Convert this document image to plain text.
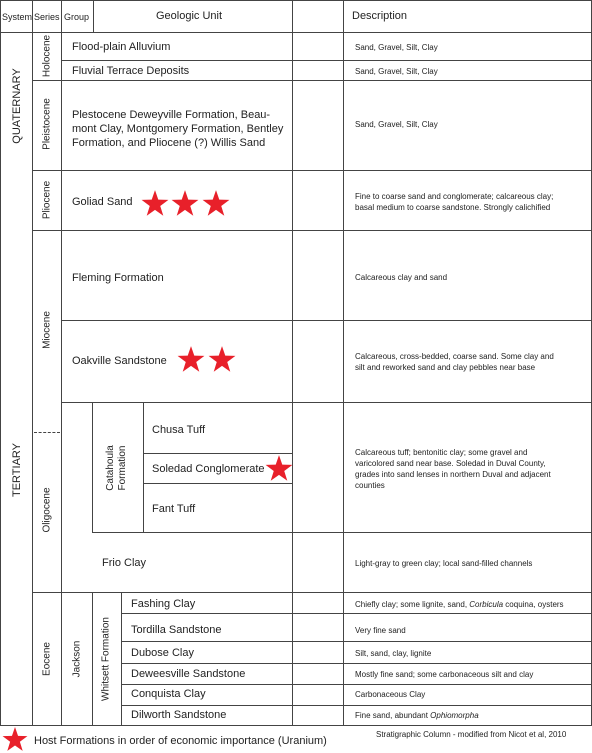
System Series Group	Geologic Unit	Description
QUATERNARY
TERTIARY
Holocene
Pleistocene
Pliocene
Miocene
Oligocene
Eocene Jackson
Catahoula Formation
Whitsett Formation
Flood-plain Alluvium
Fluvial Terrace Deposits
Plestocene Deweyville Formation, Beau-
mont Clay, Montgomery Formation, Bentley
Formation, and Pliocene (?) Willis Sand
Goliad Sand
Fleming Formation
Oakville Sandstone
Chusa Tuff
Soledad Conglomerate
Fant Tuff
Frio Clay
Fashing Clay
Tordilla Sandstone
Dubose Clay
Deweesville Sandstone
Conquista Clay
Dilworth Sandstone
Sand, Gravel, Silt, Clay
Sand, Gravel, Silt, Clay
Sand, Gravel, Silt, Clay
Fine to coarse sand and conglomerate; calcareous clay;
basal medium to coarse sandstone. Strongly calichified
Calcareous clay and sand
Calcareous, cross-bedded, coarse sand. Some clay and
silt and reworked sand and clay pebbles near base
Calcareous tuff; bentonitic clay; some gravel and
varicolored sand near base. Soledad in Duval County,
grades into sand lenses in northern Duval and adjacent
counties
Light-gray to green clay; local sand-filled channels
Chiefly clay; some lignite, sand, Corbicula coquina, oysters
Very fine sand
Silt, sand, clay, lignite
Mostly fine sand; some carbonaceous silt and clay
Carbonaceous Clay
Fine sand, abundant Ophiomorpha
Stratigraphic Column - modified from Nicot et al, 2010
Host Formations in order of economic importance (Uranium)
